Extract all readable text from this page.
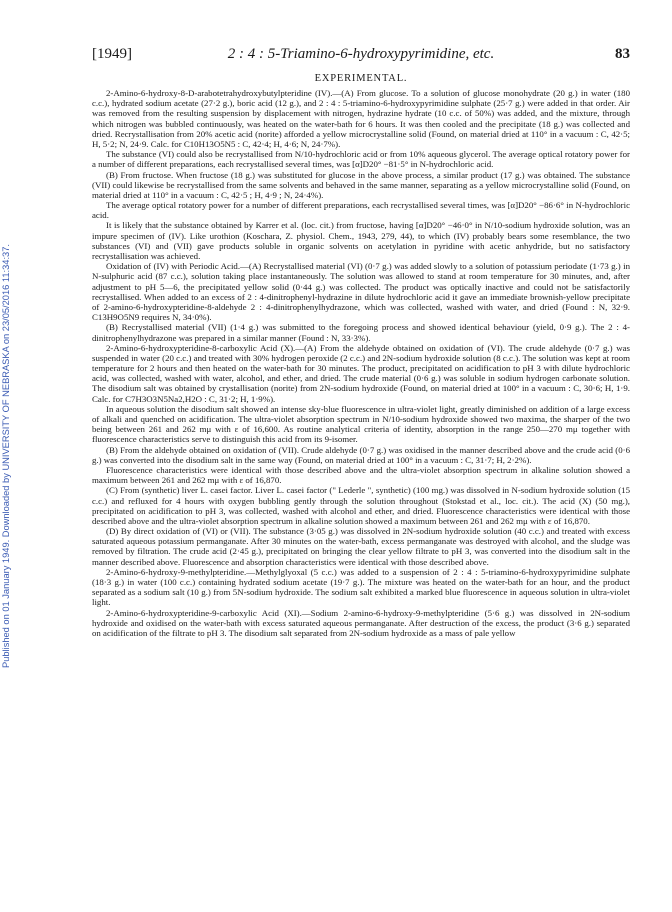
[1949]	2 : 4 : 5-Triamino-6-hydroxypyrimidine, etc.	83
Published on 01 January 1949. Downloaded by UNIVERSITY OF NEBRASKA on 23/05/2016 11:34:37.
EXPERIMENTAL.

2-Amino-6-hydroxy-8-D-arabotetrahydroxybutylpteridine (IV).—(A) From glucose. To a solution of glucose monohydrate (20 g.) in water (180 c.c.), hydrated sodium acetate (27·2 g.), boric acid (12 g.), and 2 : 4 : 5-triamino-6-hydroxypyrimidine sulphate (25·7 g.) were added in that order. Air was removed from the resulting suspension by displacement with nitrogen, hydrazine hydrate (10 c.c. of 50%) was added, and the mixture, through which nitrogen was bubbled continuously, was heated on the water-bath for 6 hours. It was then cooled and the precipitate (18 g.) was collected and dried. Recrystallisation from 20% acetic acid (norite) afforded a yellow microcrystalline solid (Found, on material dried at 110° in a vacuum : C, 42·5; H, 5·2; N, 24·9. Calc. for C10H13O5N5 : C, 42·4; H, 4·6; N, 24·7%).

The substance (VI) could also be recrystallised from N/10-hydrochloric acid or from 10% aqueous glycerol. The average optical rotatory power for a number of different preparations, each recrystallised several times, was [α]D20° −81·5° in N-hydrochloric acid.

(B) From fructose. When fructose (18 g.) was substituted for glucose in the above process, a similar product (17 g.) was obtained. The substance (VII) could likewise be recrystallised from the same solvents and behaved in the same manner, separating as a yellow microcrystalline solid (Found, on material dried at 110° in a vacuum : C, 42·5 ; H, 4·9 ; N, 24·4%).

The average optical rotatory power for a number of different preparations, each recrystallised several times, was [α]D20° −86·6° in N-hydrochloric acid.

It is likely that the substance obtained by Karrer et al. (loc. cit.) from fructose, having [α]D20° −46·0° in N/10-sodium hydroxide solution, was an impure specimen of (IV). Like urothion (Koschara, Z. physiol. Chem., 1943, 279, 44), to which (IV) probably bears some resemblance, the two substances (VI) and (VII) gave products soluble in organic solvents on acetylation in pyridine with acetic anhydride, but no satisfactory recrystallisation was achieved.

Oxidation of (IV) with Periodic Acid.—(A) Recrystallised material (VI) (0·7 g.) was added slowly to a solution of potassium periodate (1·73 g.) in N-sulphuric acid (87 c.c.), solution taking place instantaneously. The solution was allowed to stand at room temperature for 30 minutes, and, after adjustment to pH 5—6, the precipitated yellow solid (0·44 g.) was collected. The product was optically inactive and could not be satisfactorily recrystallised. When added to an excess of 2 : 4-dinitrophenyl-hydrazine in dilute hydrochloric acid it gave an immediate brownish-yellow precipitate of 2-amino-6-hydroxypteridine-8-aldehyde 2 : 4-dinitrophenylhydrazone, which was collected, washed with water, and dried (Found : N, 32·9. C13H9O5N9 requires N, 34·0%).

(B) Recrystallised material (VII) (1·4 g.) was submitted to the foregoing process and showed identical behaviour (yield, 0·9 g.). The 2 : 4-dinitrophenylhydrazone was prepared in a similar manner (Found : N, 33·3%).

2-Amino-6-hydroxypteridine-8-carboxylic Acid (X).—(A) From the aldehyde obtained on oxidation of (VI). The crude aldehyde (0·7 g.) was suspended in water (20 c.c.) and treated with 30% hydrogen peroxide (2 c.c.) and 2N-sodium hydroxide solution (8 c.c.). The solution was kept at room temperature for 2 hours and then heated on the water-bath for 30 minutes. The product, precipitated on acidification to pH 3 with dilute hydrochloric acid, was collected, washed with water, alcohol, and ether, and dried. The crude material (0·6 g.) was soluble in sodium hydrogen carbonate solution. The disodium salt was obtained by crystallisation (norite) from 2N-sodium hydroxide (Found, on material dried at 100° in a vacuum : C, 30·6; H, 1·9. Calc. for C7H3O3N5Na2,H2O : C, 31·2; H, 1·9%).

In aqueous solution the disodium salt showed an intense sky-blue fluorescence in ultra-violet light, greatly diminished on addition of a large excess of alkali and quenched on acidification. The ultra-violet absorption spectrum in N/10-sodium hydroxide showed two maxima, the sharper of the two being between 261 and 262 mμ with ε of 16,600. As routine analytical criteria of identity, absorption in the range 250—270 mμ together with fluorescence characteristics serve to distinguish this acid from its 9-isomer.

(B) From the aldehyde obtained on oxidation of (VII). Crude aldehyde (0·7 g.) was oxidised in the manner described above and the crude acid (0·6 g.) was converted into the disodium salt in the same way (Found, on material dried at 100° in a vacuum : C, 31·7; H, 2·2%).

Fluorescence characteristics were identical with those described above and the ultra-violet absorption spectrum in alkaline solution showed a maximum between 261 and 262 mμ with ε of 16,870.

(C) From (synthetic) liver L. casei factor. Liver L. casei factor (" Lederle ", synthetic) (100 mg.) was dissolved in N-sodium hydroxide solution (15 c.c.) and refluxed for 4 hours with oxygen bubbling gently through the solution throughout (Stokstad et al., loc. cit.). The acid (X) (50 mg.), precipitated on acidification to pH 3, was collected, washed with alcohol and ether, and dried. Fluorescence characteristics were identical with those described above and the ultra-violet absorption spectrum in alkaline solution showed a maximum between 261 and 262 mμ with ε of 16,870.

(D) By direct oxidation of (VI) or (VII). The substance (3·05 g.) was dissolved in 2N-sodium hydroxide solution (40 c.c.) and treated with excess saturated aqueous potassium permanganate. After 30 minutes on the water-bath, excess permanganate was destroyed with alcohol, and the sludge was removed by filtration. The crude acid (2·45 g.), precipitated on bringing the clear yellow filtrate to pH 3, was converted into the disodium salt in the manner described above. Fluorescence and absorption characteristics were identical with those described above.

2-Amino-6-hydroxy-9-methylpteridine.—Methylglyoxal (5 c.c.) was added to a suspension of 2 : 4 : 5-triamino-6-hydroxypyrimidine sulphate (18·3 g.) in water (100 c.c.) containing hydrated sodium acetate (19·7 g.). The mixture was heated on the water-bath for an hour, and the product separated as a sodium salt (10 g.) from 5N-sodium hydroxide. The sodium salt exhibited a marked blue fluorescence in aqueous solution in ultra-violet light.

2-Amino-6-hydroxypteridine-9-carboxylic Acid (XI).—Sodium 2-amino-6-hydroxy-9-methylpteridine (5·6 g.) was dissolved in 2N-sodium hydroxide and oxidised on the water-bath with excess saturated aqueous permanganate. After destruction of the excess, the product (3·6 g.) separated on acidification of the filtrate to pH 3. The disodium salt separated from 2N-sodium hydroxide as a mass of pale yellow
